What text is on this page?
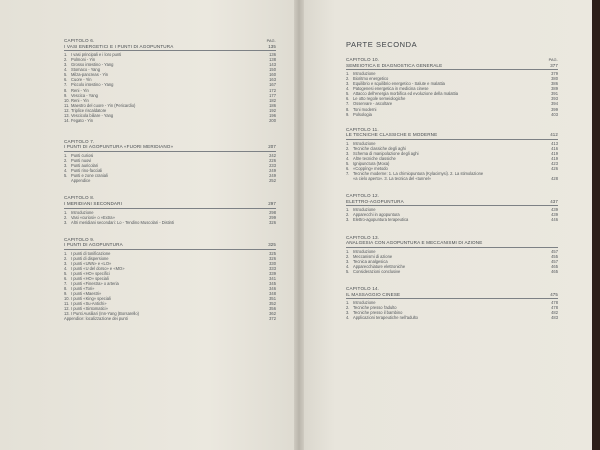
CAPITOLO 6.
I VASI ENERGETICI E I PUNTI DI AGOPUNTURA	135
PAG.
1. I vasi principali e i loro punti	136
2. Polmoni - Yin	138
3. Grosso intestino - Yang	143
4. Stomaco - Yang	150
5. Milza-pancreas - Yin	160
6. Cuore - Yin	163
7. Piccolo intestino - Yang	167
8. Reni - Yin	172
9. Vescica - Yang	177
10.Reni - Yin	182
11. Maestro del cuore - Yin (Pericardio)	186
12.Triplice riscaldatore	192
13.Vescicola biliare - Yang	196
14.Fegato - Yin	200
CAPITOLO 7.
I PUNTI DI AGOPUNTURA «FUORI MERIDIANO»	207
1. Punti curiosi	242
2. Punti nuovi	226
3. Punti auricolari	233
4. Punti rino-facciali	249
5. Punti e zone craniali	249
Appendice	252
CAPITOLO 8.
I MERIDIANI SECONDARI	297
1. Introduzione	298
2. Vasi «curiosi» o «Extra»	299
3. Altri meridiani secondari: Lo - Tendino Muscolari - Distinti	326
CAPITOLO 9.
I PUNTI DI AGOPUNTURA	325
1. I punti di tonificazione	325
2. I punti di dispersione	326
3. I punti «UNN» e «LO»	330
4. I punti «U del dorso» e «MO»	333
5. I punti «HO» specifici	339
6. I punti «HO» speciali	341
7. I punti «Finestra» o arteria	345
8. I punti «Tori»	346
9. I punti «Maestri»	348
10.I punti «King» speciali	351
11. I punti «Su-Antichi»	352
12.I punti «Sintomatici»	356
13.I Punti Ausiliari (Inn-Yang (Borsarello)	362
Appendice: localizzazione dei punti	372
PARTE SECONDA
CAPITOLO 10.
SEMEIOTICA E DIAGNOSTICA GENERALE	377
PAG.
1. Introduzione	379
2. Bioritmo energetico	380
3. Equilibrio e squilibrio energetico - Salute e malattia	386
4. Patogenesi energetica in medicina cinese	389
5. Attacco dell'energia morbifica ed evoluzione della malattia	391
6. Le otto regole semeiologiche	393
7. Osservare - ascoltare	394
8. Toni moderni	399
9. Polsologia	403
CAPITOLO 11.
LE TECNICHE CLASSICHE E MODERNE	412
1. Introduzione	413
2. Tecniche classiche degli aghi	416
3. Schema di manipolazione degli aghi	419
4. Altre tecniche classiche	419
5. Ignipunctura (Moxa)	423
6. «Coppìng» metodo	426
7. Tecniche moderne: 1. La chimiopuntura (Kylacimysi). 2. La stimolazione
«a cielo aperto». 3. La tecnica del «tunnel»	428
CAPITOLO 12.
ELETTRO-AGOPUNTURA	437
1. Introduzione	439
2. Apparecchi in agopuntura	439
3. Elettro-agopuntura terapeutica	446
CAPITOLO 13.
ANALGESIA CON AGOPUNTURA E MECCANISMI DI AZIONE
1. Introduzione	457
2. Meccanismi di azione	455
3. Tecnica analgesica	457
4. Apparecchiature elettroniche	465
5. Considerazioni conclusive	465
CAPITOLO 14.
IL MASSAGGIO CINESE	475
1. Introduzione	478
2. Tecniche presso l'adulto	478
3. Tecniche presso il bambino	482
4. Applicazioni terapeutiche nell'adulto	483
